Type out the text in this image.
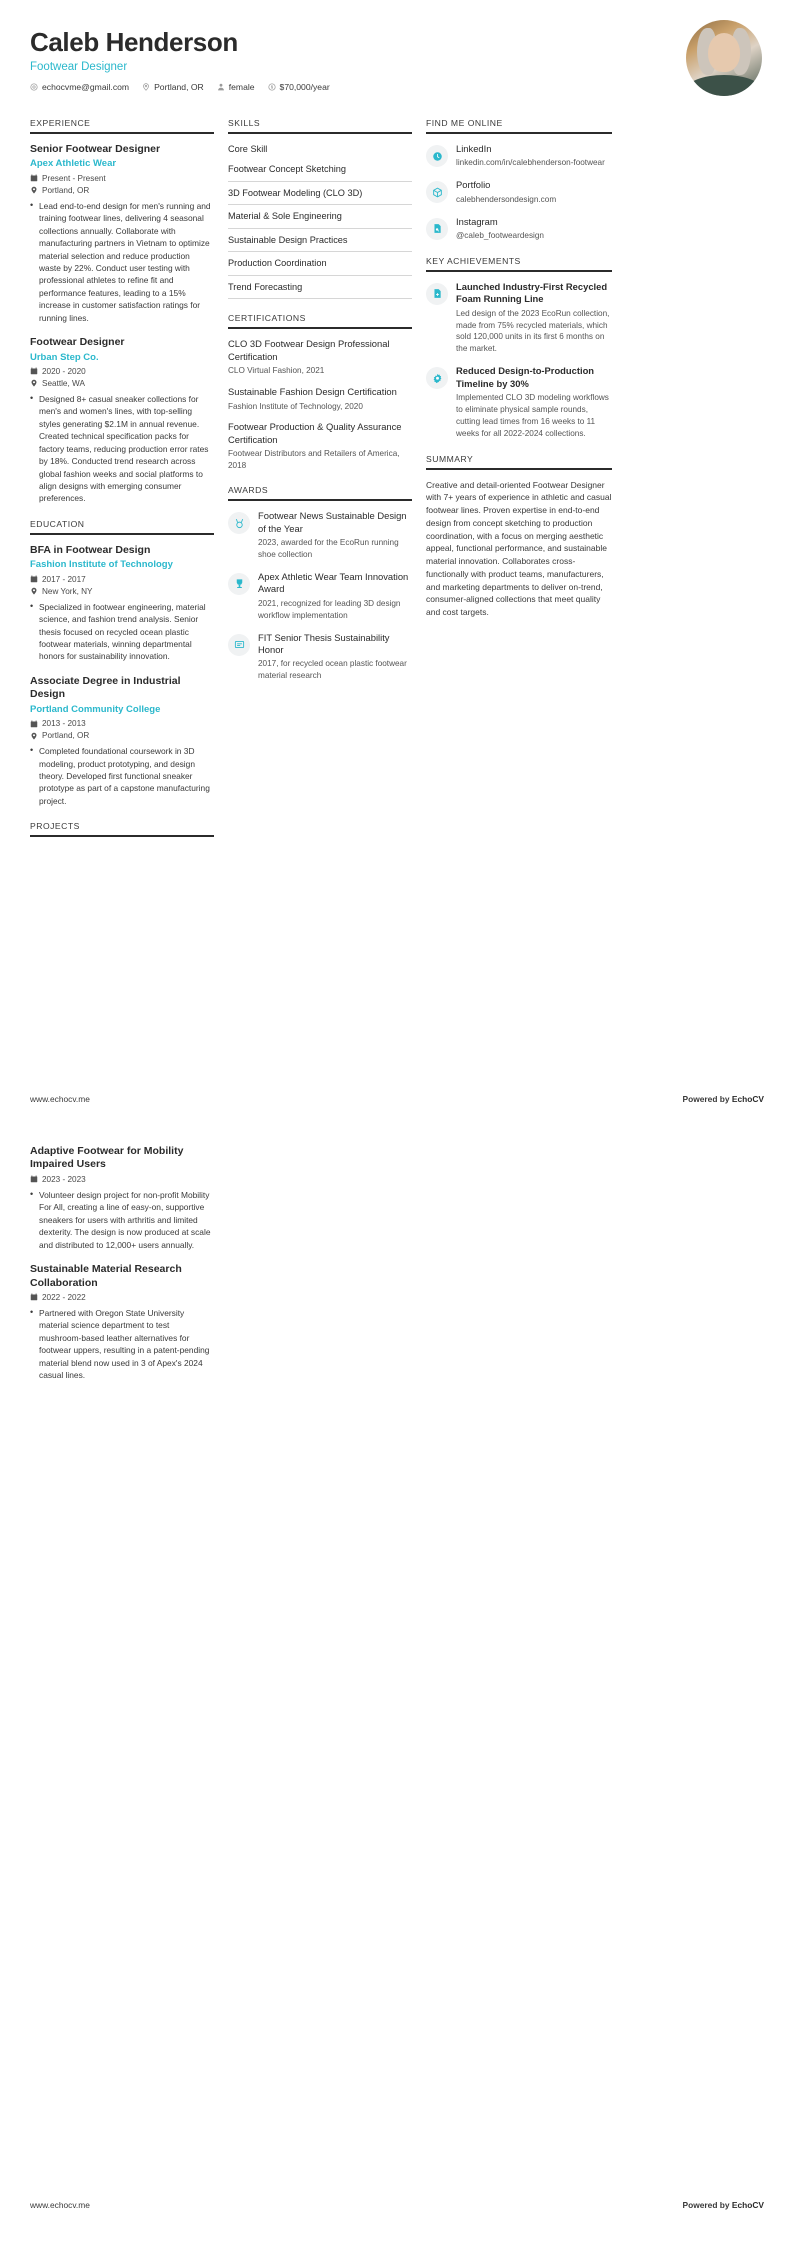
Caleb Henderson
Footwear Designer
echocvme@gmail.com	Portland, OR	female	$70,000/year
EXPERIENCE
Senior Footwear Designer
Apex Athletic Wear
Present - Present
Portland, OR
• Lead end-to-end design for men's running and training footwear lines, delivering 4 seasonal collections annually. Collaborate with manufacturing partners in Vietnam to optimize material selection and reduce production waste by 22%. Conduct user testing with professional athletes to refine fit and performance features, leading to a 15% increase in customer satisfaction ratings for running lines.
Footwear Designer
Urban Step Co.
2020 - 2020
Seattle, WA
• Designed 8+ casual sneaker collections for men's and women's lines, with top-selling styles generating $2.1M in annual revenue. Created technical specification packs for factory teams, reducing production error rates by 18%. Conducted trend research across global fashion weeks and social platforms to align designs with emerging consumer preferences.
EDUCATION
BFA in Footwear Design
Fashion Institute of Technology
2017 - 2017
New York, NY
• Specialized in footwear engineering, material science, and fashion trend analysis. Senior thesis focused on recycled ocean plastic footwear materials, winning departmental honors for sustainability innovation.
Associate Degree in Industrial Design
Portland Community College
2013 - 2013
Portland, OR
• Completed foundational coursework in 3D modeling, product prototyping, and design theory. Developed first functional sneaker prototype as part of a capstone manufacturing project.
PROJECTS
SKILLS
Core Skill
Footwear Concept Sketching
3D Footwear Modeling (CLO 3D)
Material & Sole Engineering
Sustainable Design Practices
Production Coordination
Trend Forecasting
CERTIFICATIONS
CLO 3D Footwear Design Professional Certification
CLO Virtual Fashion, 2021
Sustainable Fashion Design Certification
Fashion Institute of Technology, 2020
Footwear Production & Quality Assurance Certification
Footwear Distributors and Retailers of America, 2018
AWARDS
Footwear News Sustainable Design of the Year
2023, awarded for the EcoRun running shoe collection
Apex Athletic Wear Team Innovation Award
2021, recognized for leading 3D design workflow implementation
FIT Senior Thesis Sustainability Honor
2017, for recycled ocean plastic footwear material research
FIND ME ONLINE
LinkedIn
linkedin.com/in/calebhenderson-footwear
Portfolio
calebhendersondesign.com
Instagram
@caleb_footweardesign
KEY ACHIEVEMENTS
Launched Industry-First Recycled Foam Running Line
Led design of the 2023 EcoRun collection, made from 75% recycled materials, which sold 120,000 units in its first 6 months on the market.
Reduced Design-to-Production Timeline by 30%
Implemented CLO 3D modeling workflows to eliminate physical sample rounds, cutting lead times from 16 weeks to 11 weeks for all 2022-2024 collections.
SUMMARY
Creative and detail-oriented Footwear Designer with 7+ years of experience in athletic and casual footwear lines. Proven expertise in end-to-end design from concept sketching to production coordination, with a focus on merging aesthetic appeal, functional performance, and sustainable material innovation. Collaborates cross-functionally with product teams, manufacturers, and marketing departments to deliver on-trend, consumer-aligned collections that meet quality and cost targets.
www.echocv.me	Powered by EchoCV
Adaptive Footwear for Mobility Impaired Users
2023 - 2023
• Volunteer design project for non-profit Mobility For All, creating a line of easy-on, supportive sneakers for users with arthritis and limited dexterity. The design is now produced at scale and distributed to 12,000+ users annually.
Sustainable Material Research Collaboration
2022 - 2022
• Partnered with Oregon State University material science department to test mushroom-based leather alternatives for footwear uppers, resulting in a patent-pending material blend now used in 3 of Apex's 2024 casual lines.
www.echocv.me	Powered by EchoCV
